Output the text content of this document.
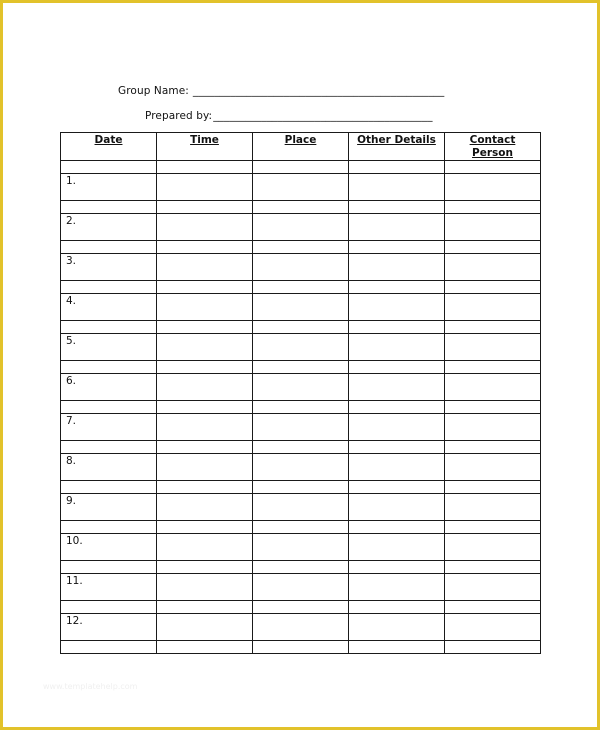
Group Name: _______________________________________________
Prepared by:_________________________________________
Date	Time	Place	Other Details	Contact Person

1.				

2.				

3.				

4.				

5.				

6.				

7.				

8.				

9.				

10.				

11.				

12.				

www.templatehelp.com
